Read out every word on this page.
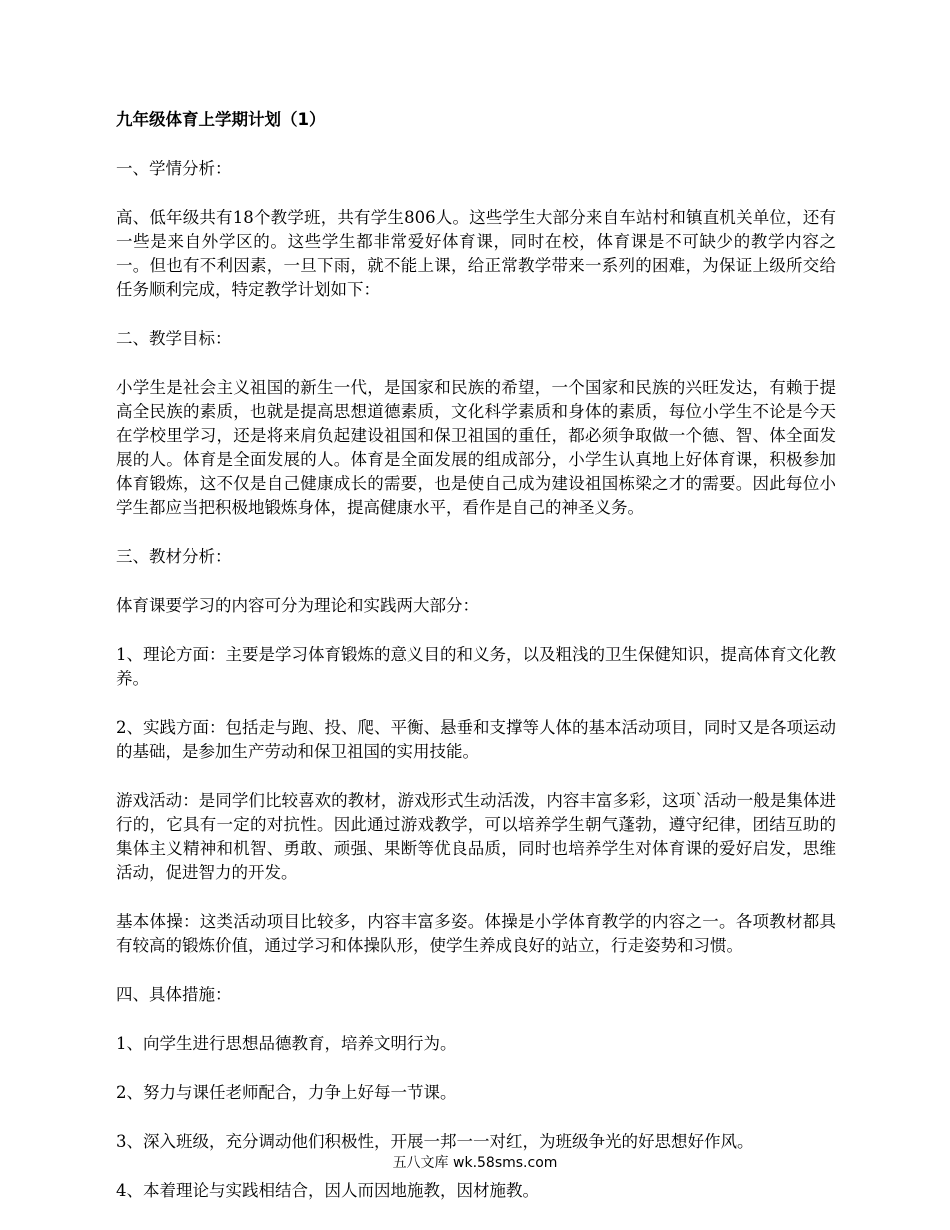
九年级体育上学期计划（1）
一、学情分析：
高、低年级共有18个教学班，共有学生806人。这些学生大部分来自车站村和镇直机关单位，还有一些是来自外学区的。这些学生都非常爱好体育课，同时在校，体育课是不可缺少的教学内容之一。但也有不利因素，一旦下雨，就不能上课，给正常教学带来一系列的困难，为保证上级所交给任务顺利完成，特定教学计划如下：
二、教学目标：
小学生是社会主义祖国的新生一代，是国家和民族的希望，一个国家和民族的兴旺发达，有赖于提高全民族的素质，也就是提高思想道德素质，文化科学素质和身体的素质，每位小学生不论是今天在学校里学习，还是将来肩负起建设祖国和保卫祖国的重任，都必须争取做一个德、智、体全面发展的人。体育是全面发展的人。体育是全面发展的组成部分，小学生认真地上好体育课，积极参加体育锻炼，这不仅是自己健康成长的需要，也是使自己成为建设祖国栋梁之才的需要。因此每位小学生都应当把积极地锻炼身体，提高健康水平，看作是自己的神圣义务。
三、教材分析：
体育课要学习的内容可分为理论和实践两大部分：
1、理论方面：主要是学习体育锻炼的意义目的和义务，以及粗浅的卫生保健知识，提高体育文化教养。
2、实践方面：包括走与跑、投、爬、平衡、悬垂和支撑等人体的基本活动项目，同时又是各项运动的基础，是参加生产劳动和保卫祖国的实用技能。
游戏活动：是同学们比较喜欢的教材，游戏形式生动活泼，内容丰富多彩，这项`活动一般是集体进行的，它具有一定的对抗性。因此通过游戏教学，可以培养学生朝气蓬勃，遵守纪律，团结互助的集体主义精神和机智、勇敢、顽强、果断等优良品质，同时也培养学生对体育课的爱好启发，思维活动，促进智力的开发。
基本体操：这类活动项目比较多，内容丰富多姿。体操是小学体育教学的内容之一。各项教材都具有较高的锻炼价值，通过学习和体操队形，使学生养成良好的站立，行走姿势和习惯。
四、具体措施：
1、向学生进行思想品德教育，培养文明行为。
2、努力与课任老师配合，力争上好每一节课。
3、深入班级，充分调动他们积极性，开展一邦一一对红，为班级争光的好思想好作风。
4、本着理论与实践相结合，因人而因地施教，因材施教。
五八文库 wk.58sms.com
